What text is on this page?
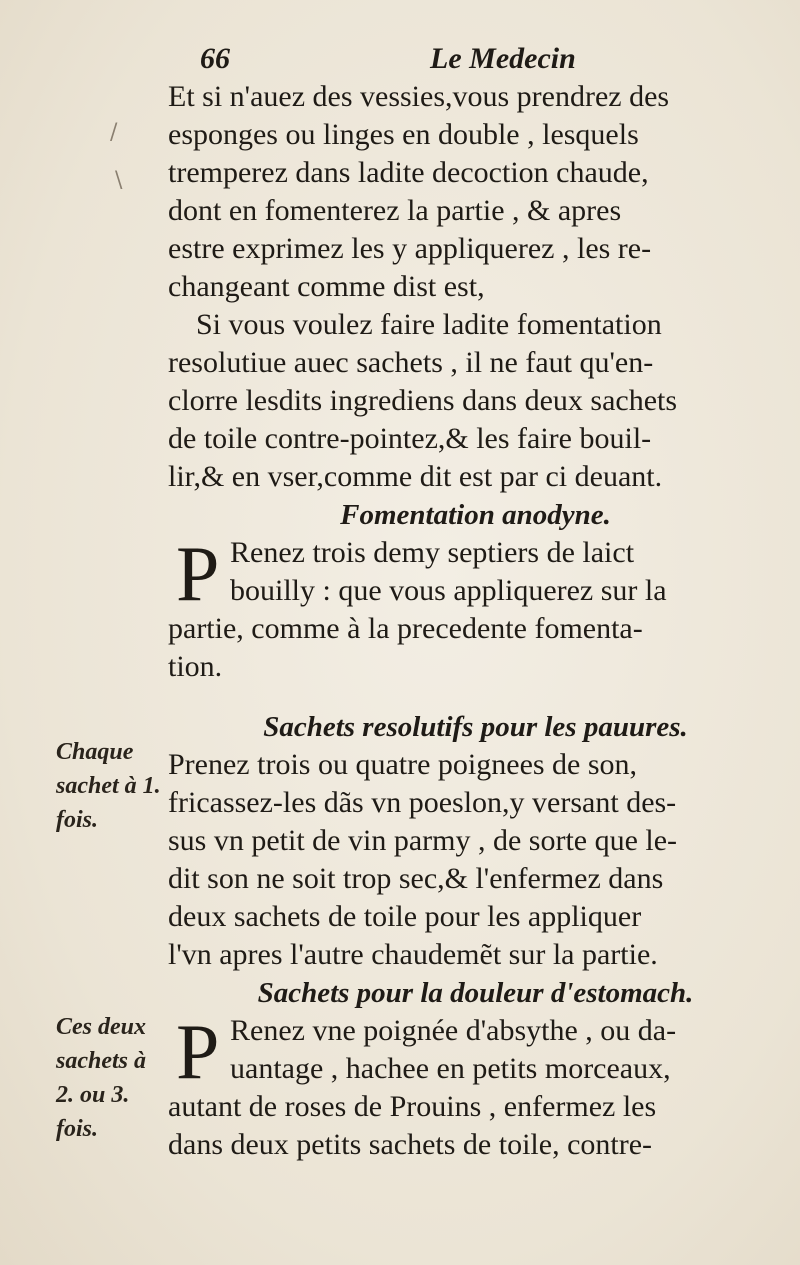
66	Le Medecin
/
\
Et si n'auez des vessies,vous prendrez des
esponges ou linges en double , lesquels
tremperez dans ladite decoction chaude,
dont en fomenterez la partie , & apres
estre exprimez les y appliquerez , les re-
changeant comme dist est,
Si vous voulez faire ladite fomentation
resolutiue auec sachets , il ne faut qu'en-
clorre lesdits ingrediens dans deux sachets
de toile contre-pointez,& les faire bouil-
lir,& en vser,comme dit est par ci deuant.
Fomentation anodyne.
P Renez trois demy septiers de laict
bouilly : que vous appliquerez sur la
partie, comme à la precedente fomenta-
tion.
Sachets resolutifs pour les pauures.
Prenez trois ou quatre poignees de son,
fricassez-les dãs vn poeslon,y versant des-
sus vn petit de vin parmy , de sorte que le-
dit son ne soit trop sec,& l'enfermez dans
deux sachets de toile pour les appliquer
l'vn apres l'autre chaudemẽt sur la partie.
Sachets pour la douleur d'estomach.
P Renez vne poignée d'absythe , ou da-
uantage , hachee en petits morceaux,
autant de roses de Prouins , enfermez les
dans deux petits sachets de toile, contre-
Chaque
sachet à 1.
fois.
Ces deux
sachets à
2. ou 3.
fois.
